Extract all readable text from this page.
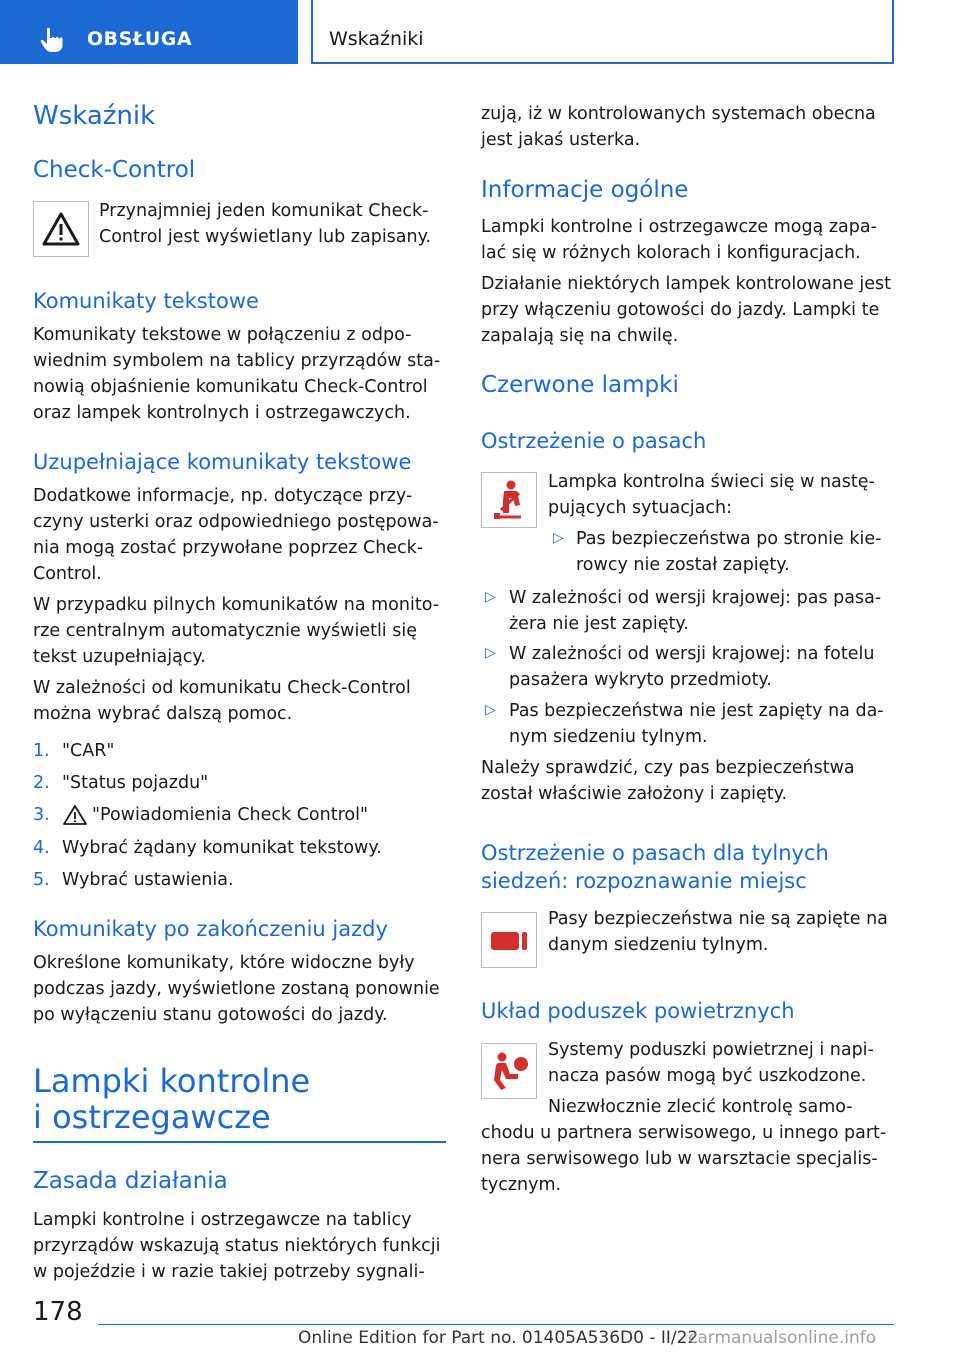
OBSŁUGA	Wskaźniki
Wskaźnik
Check-Control
Przynajmniej jeden komunikat Check-
Control jest wyświetlany lub zapisany.
Komunikaty tekstowe
Komunikaty tekstowe w połączeniu z odpo-
wiednim symbolem na tablicy przyrządów sta-
nowią objaśnienie komunikatu Check-Control
oraz lampek kontrolnych i ostrzegawczych.
Uzupełniające komunikaty tekstowe
Dodatkowe informacje, np. dotyczące przy-
czyny usterki oraz odpowiedniego postępowa-
nia mogą zostać przywołane poprzez Check-
Control.
W przypadku pilnych komunikatów na monito-
rze centralnym automatycznie wyświetli się
tekst uzupełniający.
W zależności od komunikatu Check-Control
można wybrać dalszą pomoc.
1. "CAR"
2. "Status pojazdu"
3. "Powiadomienia Check Control"
4. Wybrać żądany komunikat tekstowy.
5. Wybrać ustawienia.
Komunikaty po zakończeniu jazdy
Określone komunikaty, które widoczne były
podczas jazdy, wyświetlone zostaną ponownie
po wyłączeniu stanu gotowości do jazdy.
Lampki kontrolne
i ostrzegawcze
Zasada działania
Lampki kontrolne i ostrzegawcze na tablicy
przyrządów wskazują status niektórych funkcji
w pojeździe i w razie takiej potrzeby sygnali-
zują, iż w kontrolowanych systemach obecna
jest jakaś usterka.
Informacje ogólne
Lampki kontrolne i ostrzegawcze mogą zapa-
lać się w różnych kolorach i konfiguracjach.
Działanie niektórych lampek kontrolowane jest
przy włączeniu gotowości do jazdy. Lampki te
zapalają się na chwilę.
Czerwone lampki
Ostrzeżenie o pasach
Lampka kontrolna świeci się w nastę-
pujących sytuacjach:
▷ Pas bezpieczeństwa po stronie kie-
rowcy nie został zapięty.
▷ W zależności od wersji krajowej: pas pasa-
żera nie jest zapięty.
▷ W zależności od wersji krajowej: na fotelu
pasażera wykryto przedmioty.
▷ Pas bezpieczeństwa nie jest zapięty na da-
nym siedzeniu tylnym.
Należy sprawdzić, czy pas bezpieczeństwa
został właściwie założony i zapięty.
Ostrzeżenie o pasach dla tylnych
siedzeń: rozpoznawanie miejsc
Pasy bezpieczeństwa nie są zapięte na
danym siedzeniu tylnym.
Układ poduszek powietrznych
Systemy poduszki powietrznej i napi-
nacza pasów mogą być uszkodzone.
Niezwłocznie zlecić kontrolę samo-
chodu u partnera serwisowego, u innego part-
nera serwisowego lub w warsztacie specjalis-
tycznym.
178
Online Edition for Part no. 01405A536D0 - II/22
carmanualsonline.info
